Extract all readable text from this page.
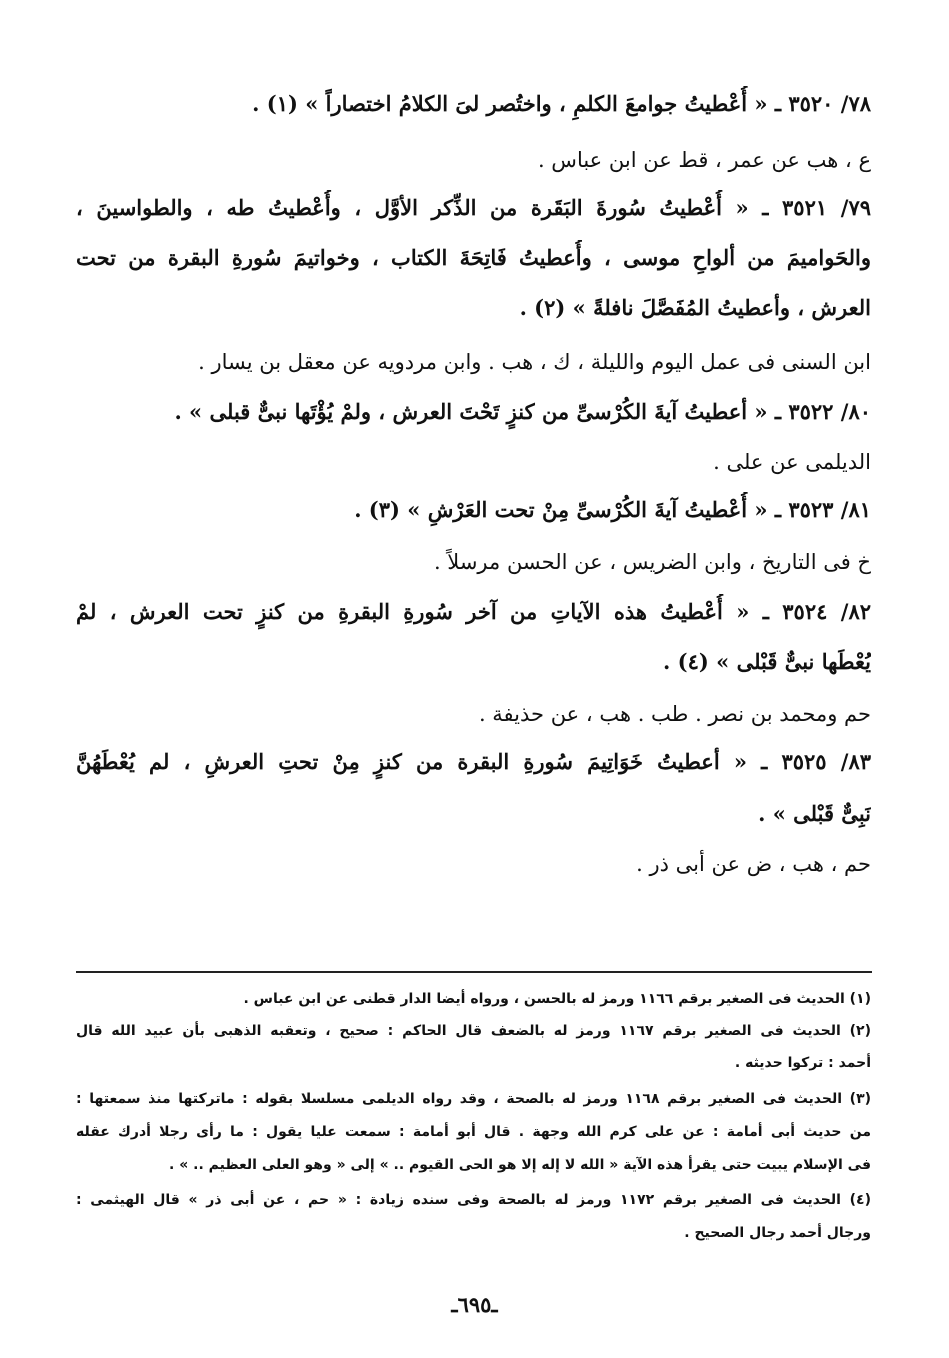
٧٨/ ٣٥٢٠ ـ « أُعْطيتُ جوامعَ الكلمِ ، واختُصر لىَ الكلامُ اختصاراً » (١) .
ع ، هب عن عمر ، قط عن ابن عباس .
٧٩/ ٣٥٢١ ـ « أُعْطيتُ سُورةَ البَقَرة من الذِّكر الأوَّل ، وأُعْطيتُ طه ، والطواسينَ ،
والحَواميمَ من ألواحِ موسى ، وأُعطيتُ فَاتِحَةَ الكتاب ، وخواتيمَ سُورةِ البقرة من تحت
العرش ، وأعطيتُ المُفَصَّلَ نافلةً » (٢) .
ابن السنى فى عمل اليوم والليلة ، ك ، هب . وابن مردويه عن معقل بن يسار .
٨٠/ ٣٥٢٢ ـ « أعطيتُ آيةَ الكُرْسىِّ من كنزٍ تَحْتَ العرش ، ولمْ يُؤْتَها نبىٌّ قبلى » .
الديلمى عن على .
٨١/ ٣٥٢٣ ـ « أُعْطيتُ آيةَ الكُرْسىِّ مِنْ تحت العَرْشِ » (٣) .
خ فى التاريخ ، وابن الضريس ، عن الحسن مرسلاً .
٨٢/ ٣٥٢٤ ـ « أُعْطيتُ هذه الآياتِ من آخر سُورةِ البقرةِ من كنزٍ تحت العرش ، لمْ
يُعْطَها نبىٌّ قَبْلى » (٤) .
حم ومحمد بن نصر . طب . هب ، عن حذيفة .
٨٣/ ٣٥٢٥ ـ « أعطيتُ خَوَاتِيمَ سُورةِ البقرة من كنزٍ مِنْ تحتِ العرشِ ، لم يُعْطَهُنَّ
نَبِىٌّ قَبْلى » .
حم ، هب ، ض عن أبى ذر .
(١) الحديث فى الصغير برقم ١١٦٦ ورمز له بالحسن ، ورواه أيضا الدار قطنى عن ابن عباس .
(٢) الحديث فى الصغير برقم ١١٦٧ ورمز له بالضعف قال الحاكم : صحيح ، وتعقبه الذهبى بأن عبيد الله قال
أحمد : تركوا حديثه .
(٣) الحديث فى الصغير برقم ١١٦٨ ورمز له بالصحة ، وقد رواه الديلمى مسلسلا بقوله : ماتركتها منذ سمعتها :
من حديث أبى أمامة : عن على كرم الله وجهة . قال أبو أمامة : سمعت عليا يقول : ما رأى رجلا أدرك عقله
فى الإسلام يبيت حتى يقرأ هذه الآية « الله لا إله إلا هو الحى القيوم .. » إلى « وهو العلى العظيم .. » .
(٤) الحديث فى الصغير برقم ١١٧٢ ورمز له بالصحة وفى سنده زيادة : « حم ، عن أبى ذر » قال الهيثمى :
ورجال أحمد رجال الصحيح .
ـ٦٩٥ـ
